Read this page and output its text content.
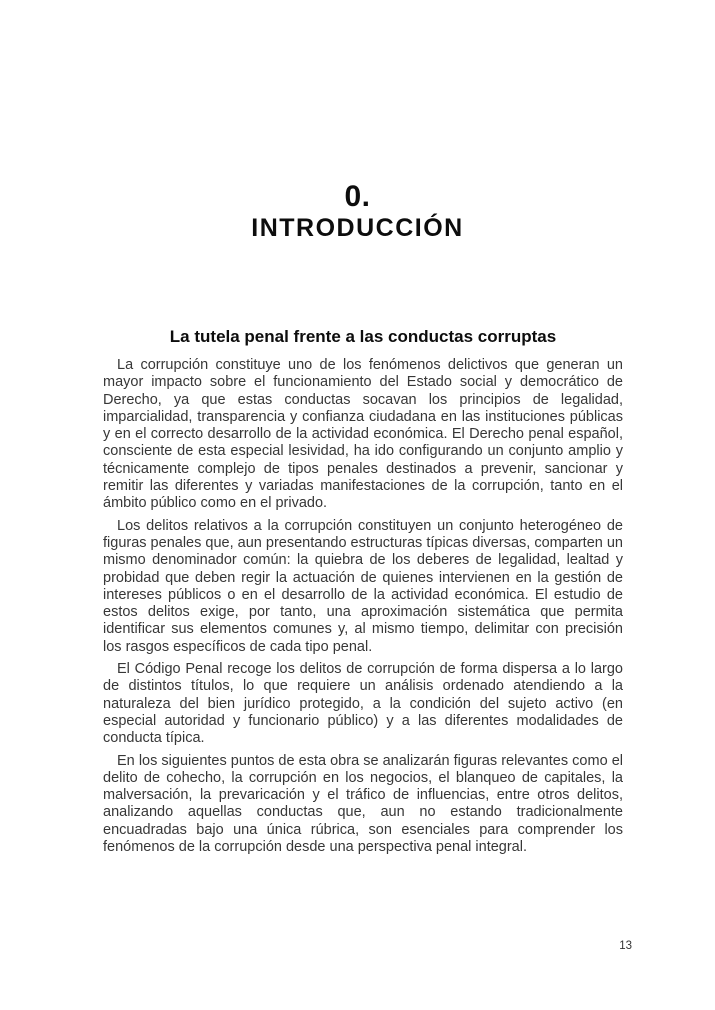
0.
INTRODUCCIÓN
La tutela penal frente a las conductas corruptas

La corrupción constituye uno de los fenómenos delictivos que generan un mayor impacto sobre el funcionamiento del Estado social y democrático de Derecho, ya que estas conductas socavan los principios de legalidad, imparcialidad, transparencia y confianza ciudadana en las instituciones públicas y en el correcto desarrollo de la actividad económica. El Derecho penal español, consciente de esta especial lesividad, ha ido configurando un conjunto amplio y técnicamente complejo de tipos penales destinados a prevenir, sancionar y remitir las diferentes y variadas manifestaciones de la corrupción, tanto en el ámbito público como en el privado.

Los delitos relativos a la corrupción constituyen un conjunto heterogéneo de figuras penales que, aun presentando estructuras típicas diversas, comparten un mismo denominador común: la quiebra de los deberes de legalidad, lealtad y probidad que deben regir la actuación de quienes intervienen en la gestión de intereses públicos o en el desarrollo de la actividad económica. El estudio de estos delitos exige, por tanto, una aproximación sistemática que permita identificar sus elementos comunes y, al mismo tiempo, delimitar con precisión los rasgos específicos de cada tipo penal.

El Código Penal recoge los delitos de corrupción de forma dispersa a lo largo de distintos títulos, lo que requiere un análisis ordenado atendiendo a la naturaleza del bien jurídico protegido, a la condición del sujeto activo (en especial autoridad y funcionario público) y a las diferentes modalidades de conducta típica.

En los siguientes puntos de esta obra se analizarán figuras relevantes como el delito de cohecho, la corrupción en los negocios, el blanqueo de capitales, la malversación, la prevaricación y el tráfico de influencias, entre otros delitos, analizando aquellas conductas que, aun no estando tradicionalmente encuadradas bajo una única rúbrica, son esenciales para comprender los fenómenos de la corrupción desde una perspectiva penal integral.

13
